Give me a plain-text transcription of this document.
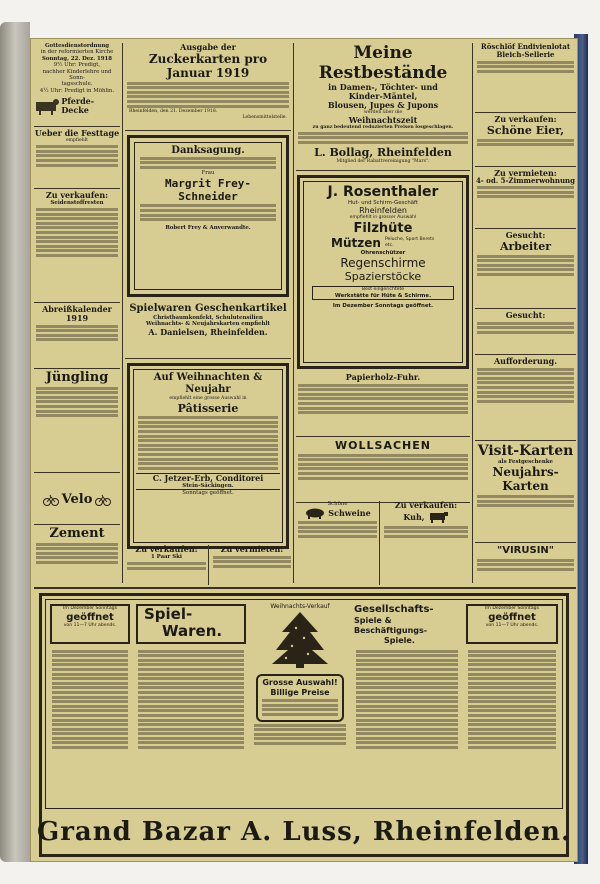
Gottesdienstordnung
in der reformierten Kirche
Sonntag, 22. Dez. 1918
9½ Uhr: Predigt,
nachher Kinderlehre und Sonn-
tagsschule.
4½ Uhr: Predigt in Möhlin.
Pferde-Decke
Ueber die Festtage
empfiehlt
Zu verkaufen:
Seidenstoffresten
Abreißkalender 1919
Jüngling
Velo
Zement
Ausgabe der
Zuckerkarten pro Januar 1919
Rheinfelden, den 21. Dezember 1918.
Lebensmittelstelle.
Danksagung.
Frau
Margrit Frey-Schneider
Robert Frey & Anverwandte.
Spielwaren Geschenkartikel
Christbaumkonfekt, Schulutensilien
Weihnachts- & Neujahrskarten empfiehlt
A. Danielsen, Rheinfelden.
Auf Weihnachten & Neujahr
empfiehlt eine grosse Auswahl in
Pâtisserie
C. Jetzer-Erb, Conditorei
Stein-Säckingen.
Sonntags geöffnet.
Meine Restbestände
in Damen-, Töchter- und
Kinder-Mäntel,
Blousen, Jupes & Jupons
werden über die
Weihnachtszeit
zu ganz bedeutend reduzierten Preisen losgeschlagen.
L. Bollag, Rheinfelden
Mitglied der Rabattvereinigung "Mars".
J. Rosenthaler
Hut- und Schirm-Geschäft
Rheinfelden
empfiehlt in grosser Auswahl
Filzhüte
Mützen Peluche, Sport Berets etc.
Ohrenschützer
Regenschirme
Spazierstöcke
Best eingerichtete
Werkstätte für Hüte & Schirme.
Im Dezember Sonntags geöffnet.
Papierholz-Fuhr.
WOLLSACHEN
Zu verkaufen:
1 Paar Ski
Zu vermieten:
Schöne
Schweine
Zu verkaufen:
Kuh,
Röschlöf Endivienlotat Bleich-Sellerie
Zu verkaufen:
Schöne Eier,
Zu vermieten:
4- od. 5-Zimmerwohnung
Gesucht:
Arbeiter
Gesucht:
Aufforderung.
Visit-Karten
als Festgeschenke
Neujahrs-Karten
"VIRUSIN"
Im Dezember Sonntags
geöffnet
von 11—7 Uhr abends.
Spiel-
Waren.
Weihnachts-Verkauf
Grosse Auswahl!
Billige Preise
Gesellschafts-
Spiele & Beschäftigungs-
Spiele.
Im Dezember Sonntags
geöffnet
von 11—7 Uhr abends.
Grand Bazar A. Luss, Rheinfelden.
